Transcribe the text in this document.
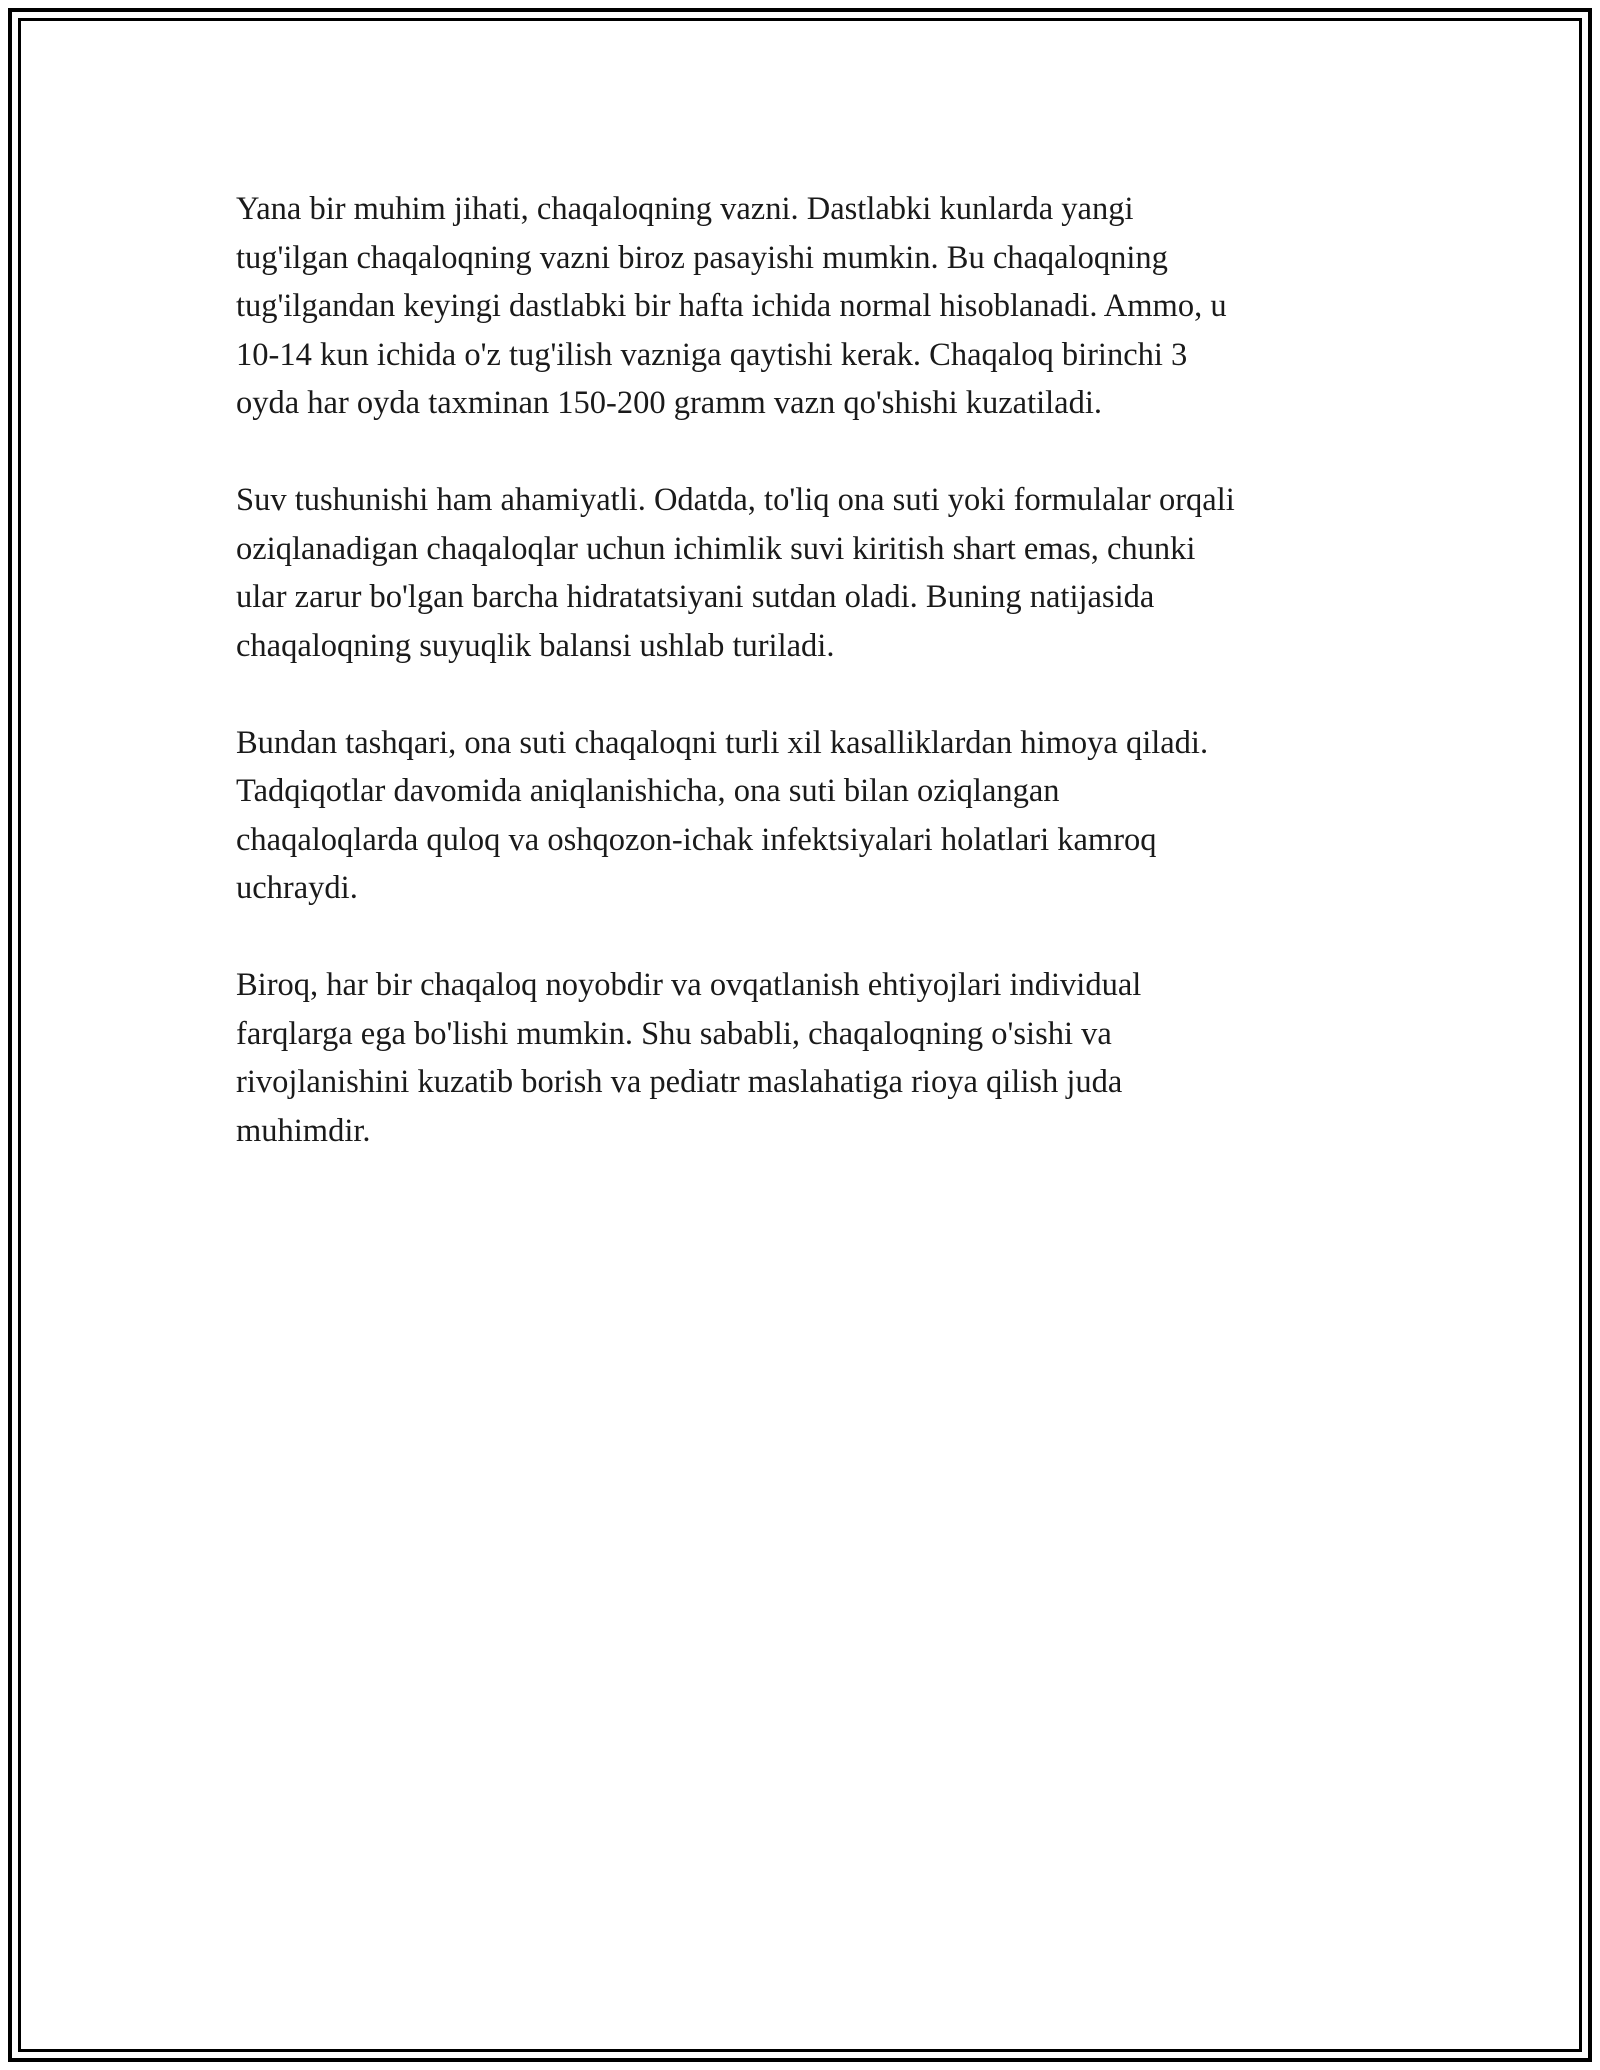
Yana bir muhim jihati, chaqaloqning vazni. Dastlabki kunlarda yangi
tug'ilgan chaqaloqning vazni biroz pasayishi mumkin. Bu chaqaloqning
tug'ilgandan keyingi dastlabki bir hafta ichida normal hisoblanadi. Ammo, u
10-14 kun ichida o'z tug'ilish vazniga qaytishi kerak. Chaqaloq birinchi 3
oyda har oyda taxminan 150-200 gramm vazn qo'shishi kuzatiladi.

Suv tushunishi ham ahamiyatli. Odatda, to'liq ona suti yoki formulalar orqali
oziqlanadigan chaqaloqlar uchun ichimlik suvi kiritish shart emas, chunki
ular zarur bo'lgan barcha hidratatsiyani sutdan oladi. Buning natijasida
chaqaloqning suyuqlik balansi ushlab turiladi.

Bundan tashqari, ona suti chaqaloqni turli xil kasalliklardan himoya qiladi.
Tadqiqotlar davomida aniqlanishicha, ona suti bilan oziqlangan
chaqaloqlarda quloq va oshqozon-ichak infektsiyalari holatlari kamroq
uchraydi.

Biroq, har bir chaqaloq noyobdir va ovqatlanish ehtiyojlari individual
farqlarga ega bo'lishi mumkin. Shu sababli, chaqaloqning o'sishi va
rivojlanishini kuzatib borish va pediatr maslahatiga rioya qilish juda
muhimdir.
